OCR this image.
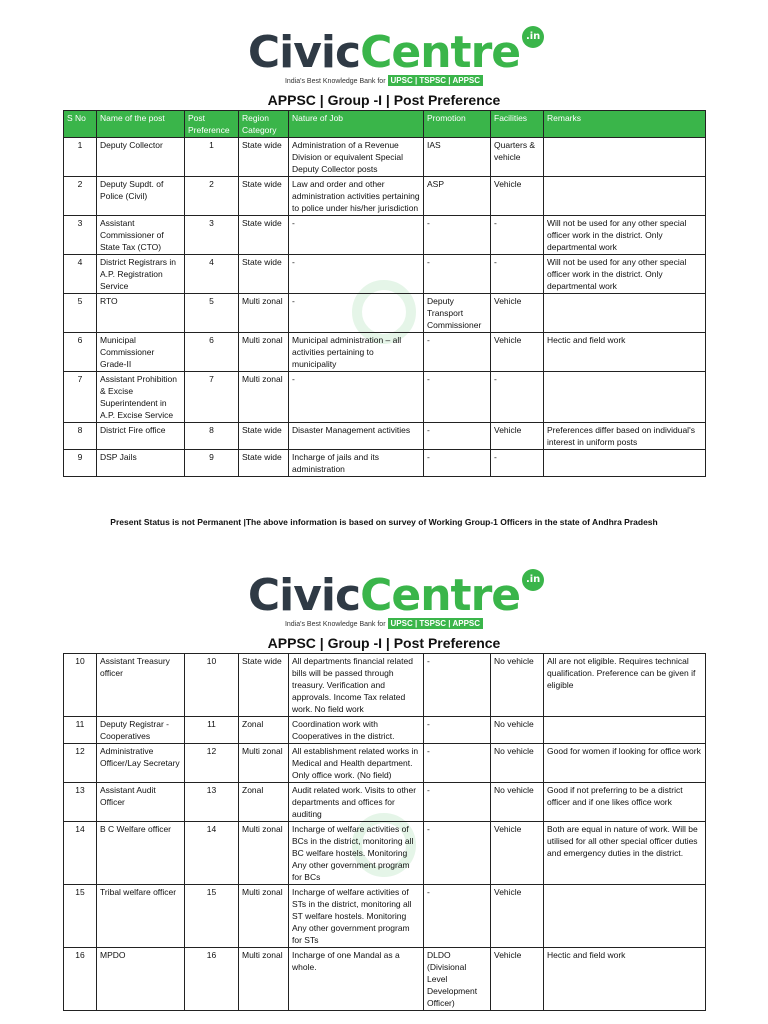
CivicCentre .in
India's Best Knowledge Bank for UPSC | TSPSC | APPSC
APPSC | Group -I | Post Preference
S No	Name of the post	Post Preference	Region Category	Nature of Job	Promotion	Facilities	Remarks
1	Deputy Collector	1	State wide	Administration of a Revenue Division or equivalent Special Deputy Collector posts	IAS	Quarters & vehicle	
2	Deputy Supdt. of Police (Civil)	2	State wide	Law and order and other administration activities pertaining to police under his/her jurisdiction	ASP	Vehicle	
3	Assistant Commissioner of State Tax (CTO)	3	State wide	-	-	-	Will not be used for any other special officer work in the district. Only departmental work
4	District Registrars in A.P. Registration Service	4	State wide	-	-	-	Will not be used for any other special officer work in the district. Only departmental work
5	RTO	5	Multi zonal	-	Deputy Transport Commissioner	Vehicle	
6	Municipal Commissioner Grade-II	6	Multi zonal	Municipal administration – all activities pertaining to municipality	-	Vehicle	Hectic and field work
7	Assistant Prohibition & Excise Superintendent in A.P. Excise Service	7	Multi zonal	-	-	-	
8	District Fire office	8	State wide	Disaster Management activities	-	Vehicle	Preferences differ based on individual's interest in uniform posts
9	DSP Jails	9	State wide	Incharge of jails and its administration	-	-	
Present Status is not Permanent |The above information is based on survey of Working Group-1 Officers in the state of Andhra Pradesh
CivicCentre .in
India's Best Knowledge Bank for UPSC | TSPSC | APPSC
APPSC | Group -I | Post Preference
10	Assistant Treasury officer	10	State wide	All departments financial related bills will be passed through treasury. Verification and approvals. Income Tax related work. No field work	-	No vehicle	All are not eligible. Requires technical qualification. Preference can be given if eligible
11	Deputy Registrar - Cooperatives	11	Zonal	Coordination work with Cooperatives in the district.	-	No vehicle	
12	Administrative Officer/Lay Secretary	12	Multi zonal	All establishment related works in Medical and Health department. Only office work. (No field)	-	No vehicle	Good for women if looking for office work
13	Assistant Audit Officer	13	Zonal	Audit related work. Visits to other departments and offices for auditing	-	No vehicle	Good if not preferring to be a district officer and if one likes office work
14	B C Welfare officer	14	Multi zonal	Incharge of welfare activities of BCs in the district, monitoring all BC welfare hostels. Monitoring Any other government program for BCs	-	Vehicle	Both are equal in nature of work. Will be utilised for all other special officer duties and emergency duties in the district.
15	Tribal welfare officer	15	Multi zonal	Incharge of welfare activities of STs in the district, monitoring all ST welfare hostels. Monitoring Any other government program for STs	-	Vehicle	
16	MPDO	16	Multi zonal	Incharge of one Mandal as a whole.	DLDO (Divisional Level Development Officer)	Vehicle	Hectic and field work
